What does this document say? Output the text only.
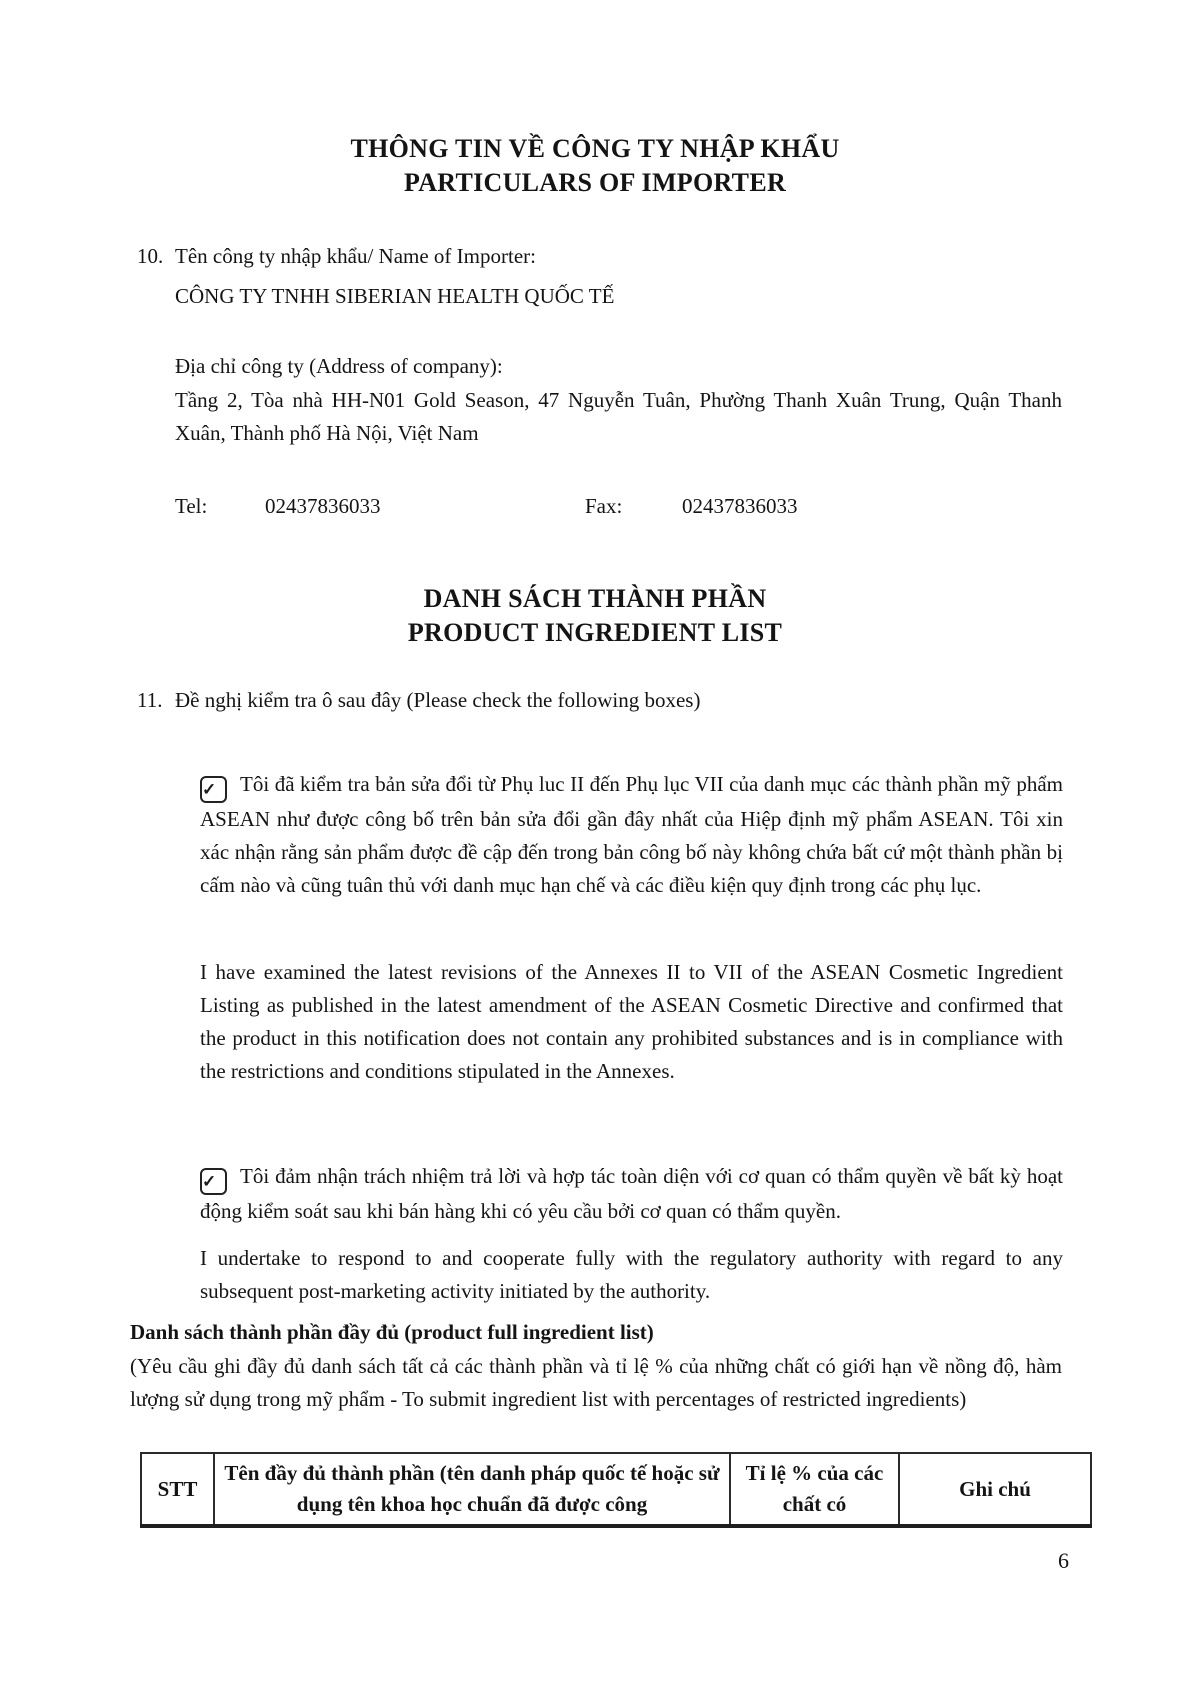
THÔNG TIN VỀ CÔNG TY NHẬP KHẨU
PARTICULARS OF IMPORTER
10. Tên công ty nhập khẩu/ Name of Importer:
CÔNG TY TNHH SIBERIAN HEALTH QUỐC TẾ
Địa chỉ công ty (Address of company):
Tầng 2, Tòa nhà HH-N01 Gold Season, 47 Nguyễn Tuân, Phường Thanh Xuân Trung, Quận Thanh Xuân, Thành phố Hà Nội, Việt Nam
Tel:	02437836033	Fax:	02437836033
DANH SÁCH THÀNH PHẦN
PRODUCT INGREDIENT LIST
11. Đề nghị kiểm tra ô sau đây (Please check the following boxes)
✓ Tôi đã kiểm tra bản sửa đổi từ Phụ luc II đến Phụ lục VII của danh mục các thành phần mỹ phẩm ASEAN như được công bố trên bản sửa đổi gần đây nhất của Hiệp định mỹ phẩm ASEAN. Tôi xin xác nhận rằng sản phẩm được đề cập đến trong bản công bố này không chứa bất cứ một thành phần bị cấm nào và cũng tuân thủ với danh mục hạn chế và các điều kiện quy định trong các phụ lục.
I have examined the latest revisions of the Annexes II to VII of the ASEAN Cosmetic Ingredient Listing as published in the latest amendment of the ASEAN Cosmetic Directive and confirmed that the product in this notification does not contain any prohibited substances and is in compliance with the restrictions and conditions stipulated in the Annexes.
✓ Tôi đảm nhận trách nhiệm trả lời và hợp tác toàn diện với cơ quan có thẩm quyền về bất kỳ hoạt động kiểm soát sau khi bán hàng khi có yêu cầu bởi cơ quan có thẩm quyền.
I undertake to respond to and cooperate fully with the regulatory authority with regard to any subsequent post-marketing activity initiated by the authority.
Danh sách thành phần đầy đủ (product full ingredient list)
(Yêu cầu ghi đầy đủ danh sách tất cả các thành phần và tỉ lệ % của những chất có giới hạn về nồng độ, hàm lượng sử dụng trong mỹ phẩm - To submit ingredient list with percentages of restricted ingredients)
STT	Tên đầy đủ thành phần (tên danh pháp quốc tế hoặc sử dụng tên khoa học chuẩn đã được công	Tỉ lệ % của các chất có	Ghi chú
6
